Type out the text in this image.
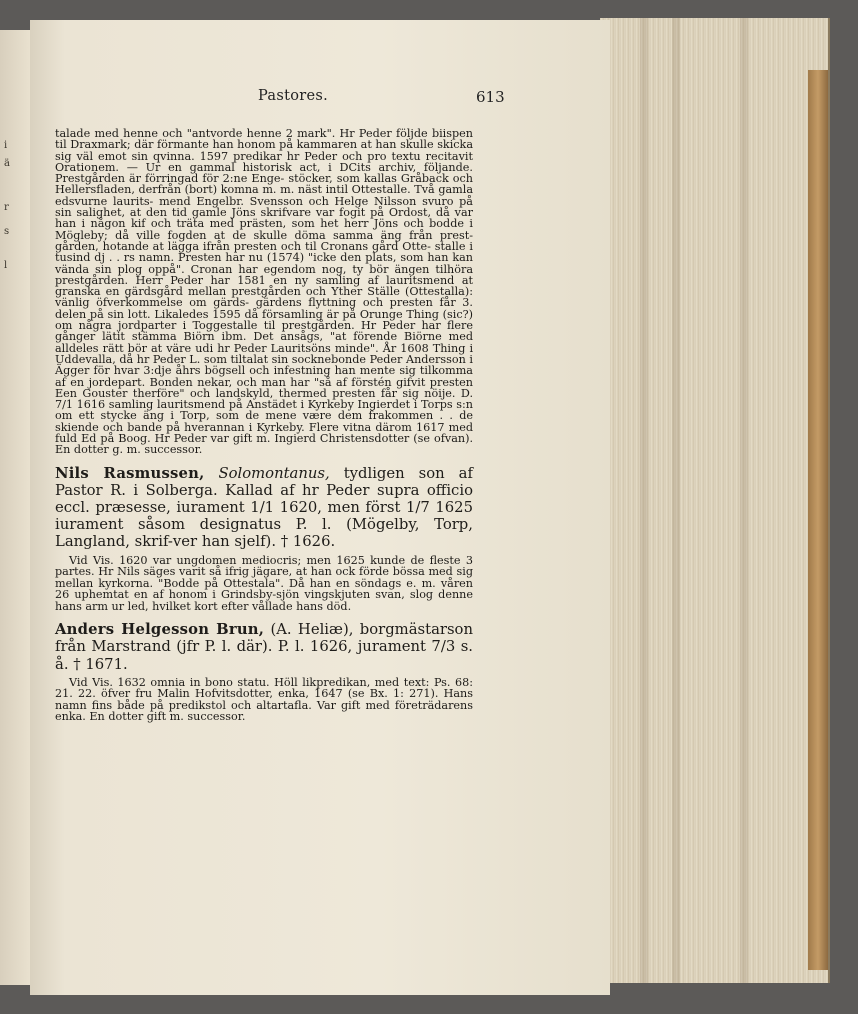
i
ä
r
s
l
Pastores.	613

talade med henne och "antvorde henne 2 mark". Hr Peder följde biispen til Draxmark; där förmante han honom på kammaren at han skulle skicka sig väl emot sin qvinna. 1597 predikar hr Peder och pro textu recitavit Orationem. — Ur en gammal historisk act, i DCits archiv, följande. Prestgården är förringad för 2:ne Enge- stöcker, som kallas Gråback och Hellersfladen, derfrån (bort) komna m. m. näst intil Ottestalle. Två gamla edsvurne laurits- mend Engelbr. Svensson och Helge Nilsson svuro på sin salighet, at den tid gamle Jöns skrifvare var fogit på Ordost, då var han i någon kif och träta med prästen, som het herr Jöns och bodde i Mögleby; då ville fogden at de skulle döma samma äng från prest- gården, hotande at lägga ifrån presten och til Cronans gård Otte- stalle i tusind dj . . rs namn. Presten har nu (1574) "icke den plats, som han kan vända sin plog oppå". Cronan har egendom nog, ty bör ängen tilhöra prestgården. Herr Peder har 1581 en ny samling af lauritsmend at granska en gärdsgård mellan prestgården och Yther Ställe (Ottestalla): vänlig öfverkommelse om gärds- gärdens flyttning och presten får 3. delen på sin lott. Likaledes 1595 då församling är på Orunge Thing (sic?) om några jordparter i Toggestalle til prestgården. Hr Peder har flere gånger lätit stämma Biörn ibm. Det ansågs, "at förende Biörne med alldeles rätt bör at väre udi hr Peder Lauritsöns minde". År 1608 Thing i Uddevalla, då hr Peder L. som tiltalat sin socknebonde Peder Andersson i Ägger för hvar 3:dje åhrs bögsell och infestning han mente sig tilkomma af en jordepart. Bonden nekar, och man har "så af förstén gifvit presten Een Gouster therföre" och landskyld, thermed presten får sig nöije. D. 7/1 1616 samling lauritsmend på Anstädet i Kyrkeby Ingierdet i Torps s:n om ett stycke äng i Torp, som de mene være dem frakommen . . de skiende och bande på hverannan i Kyrkeby. Flere vitna därom 1617 med fuld Ed på Boog. Hr Peder var gift m. Ingierd Christensdotter (se ofvan). En dotter g. m. successor.

Nils Rasmussen, Solomontanus, tydligen son af Pastor R. i Solberga. Kallad af hr Peder supra officio eccl. præsesse, iurament 1/1 1620, men först 1/7 1625 iurament såsom designatus P. l. (Mögelby, Torp, Langland, skrif-ver han sjelf). † 1626.

Vid Vis. 1620 var ungdomen mediocris; men 1625 kunde de fleste 3 partes. Hr Nils säges varit så ifrig jägare, at han ock förde bössa med sig mellan kyrkorna. "Bodde på Ottestala". Då han en söndags e. m. våren 26 uphemtat en af honom i Grindsby-sjön vingskjuten svan, slog denne hans arm ur led, hvilket kort efter vållade hans död.

Anders Helgesson Brun, (A. Heliæ), borgmästarson från Marstrand (jfr P. l. där). P. l. 1626, jurament 7/3 s. å. † 1671.

Vid Vis. 1632 omnia in bono statu. Höll likpredikan, med text: Ps. 68: 21. 22. öfver fru Malin Hofvitsdotter, enka, 1647 (se Bx. 1: 271). Hans namn fins både på predikstol och altartafla. Var gift med företrädarens enka. En dotter gift m. successor.
